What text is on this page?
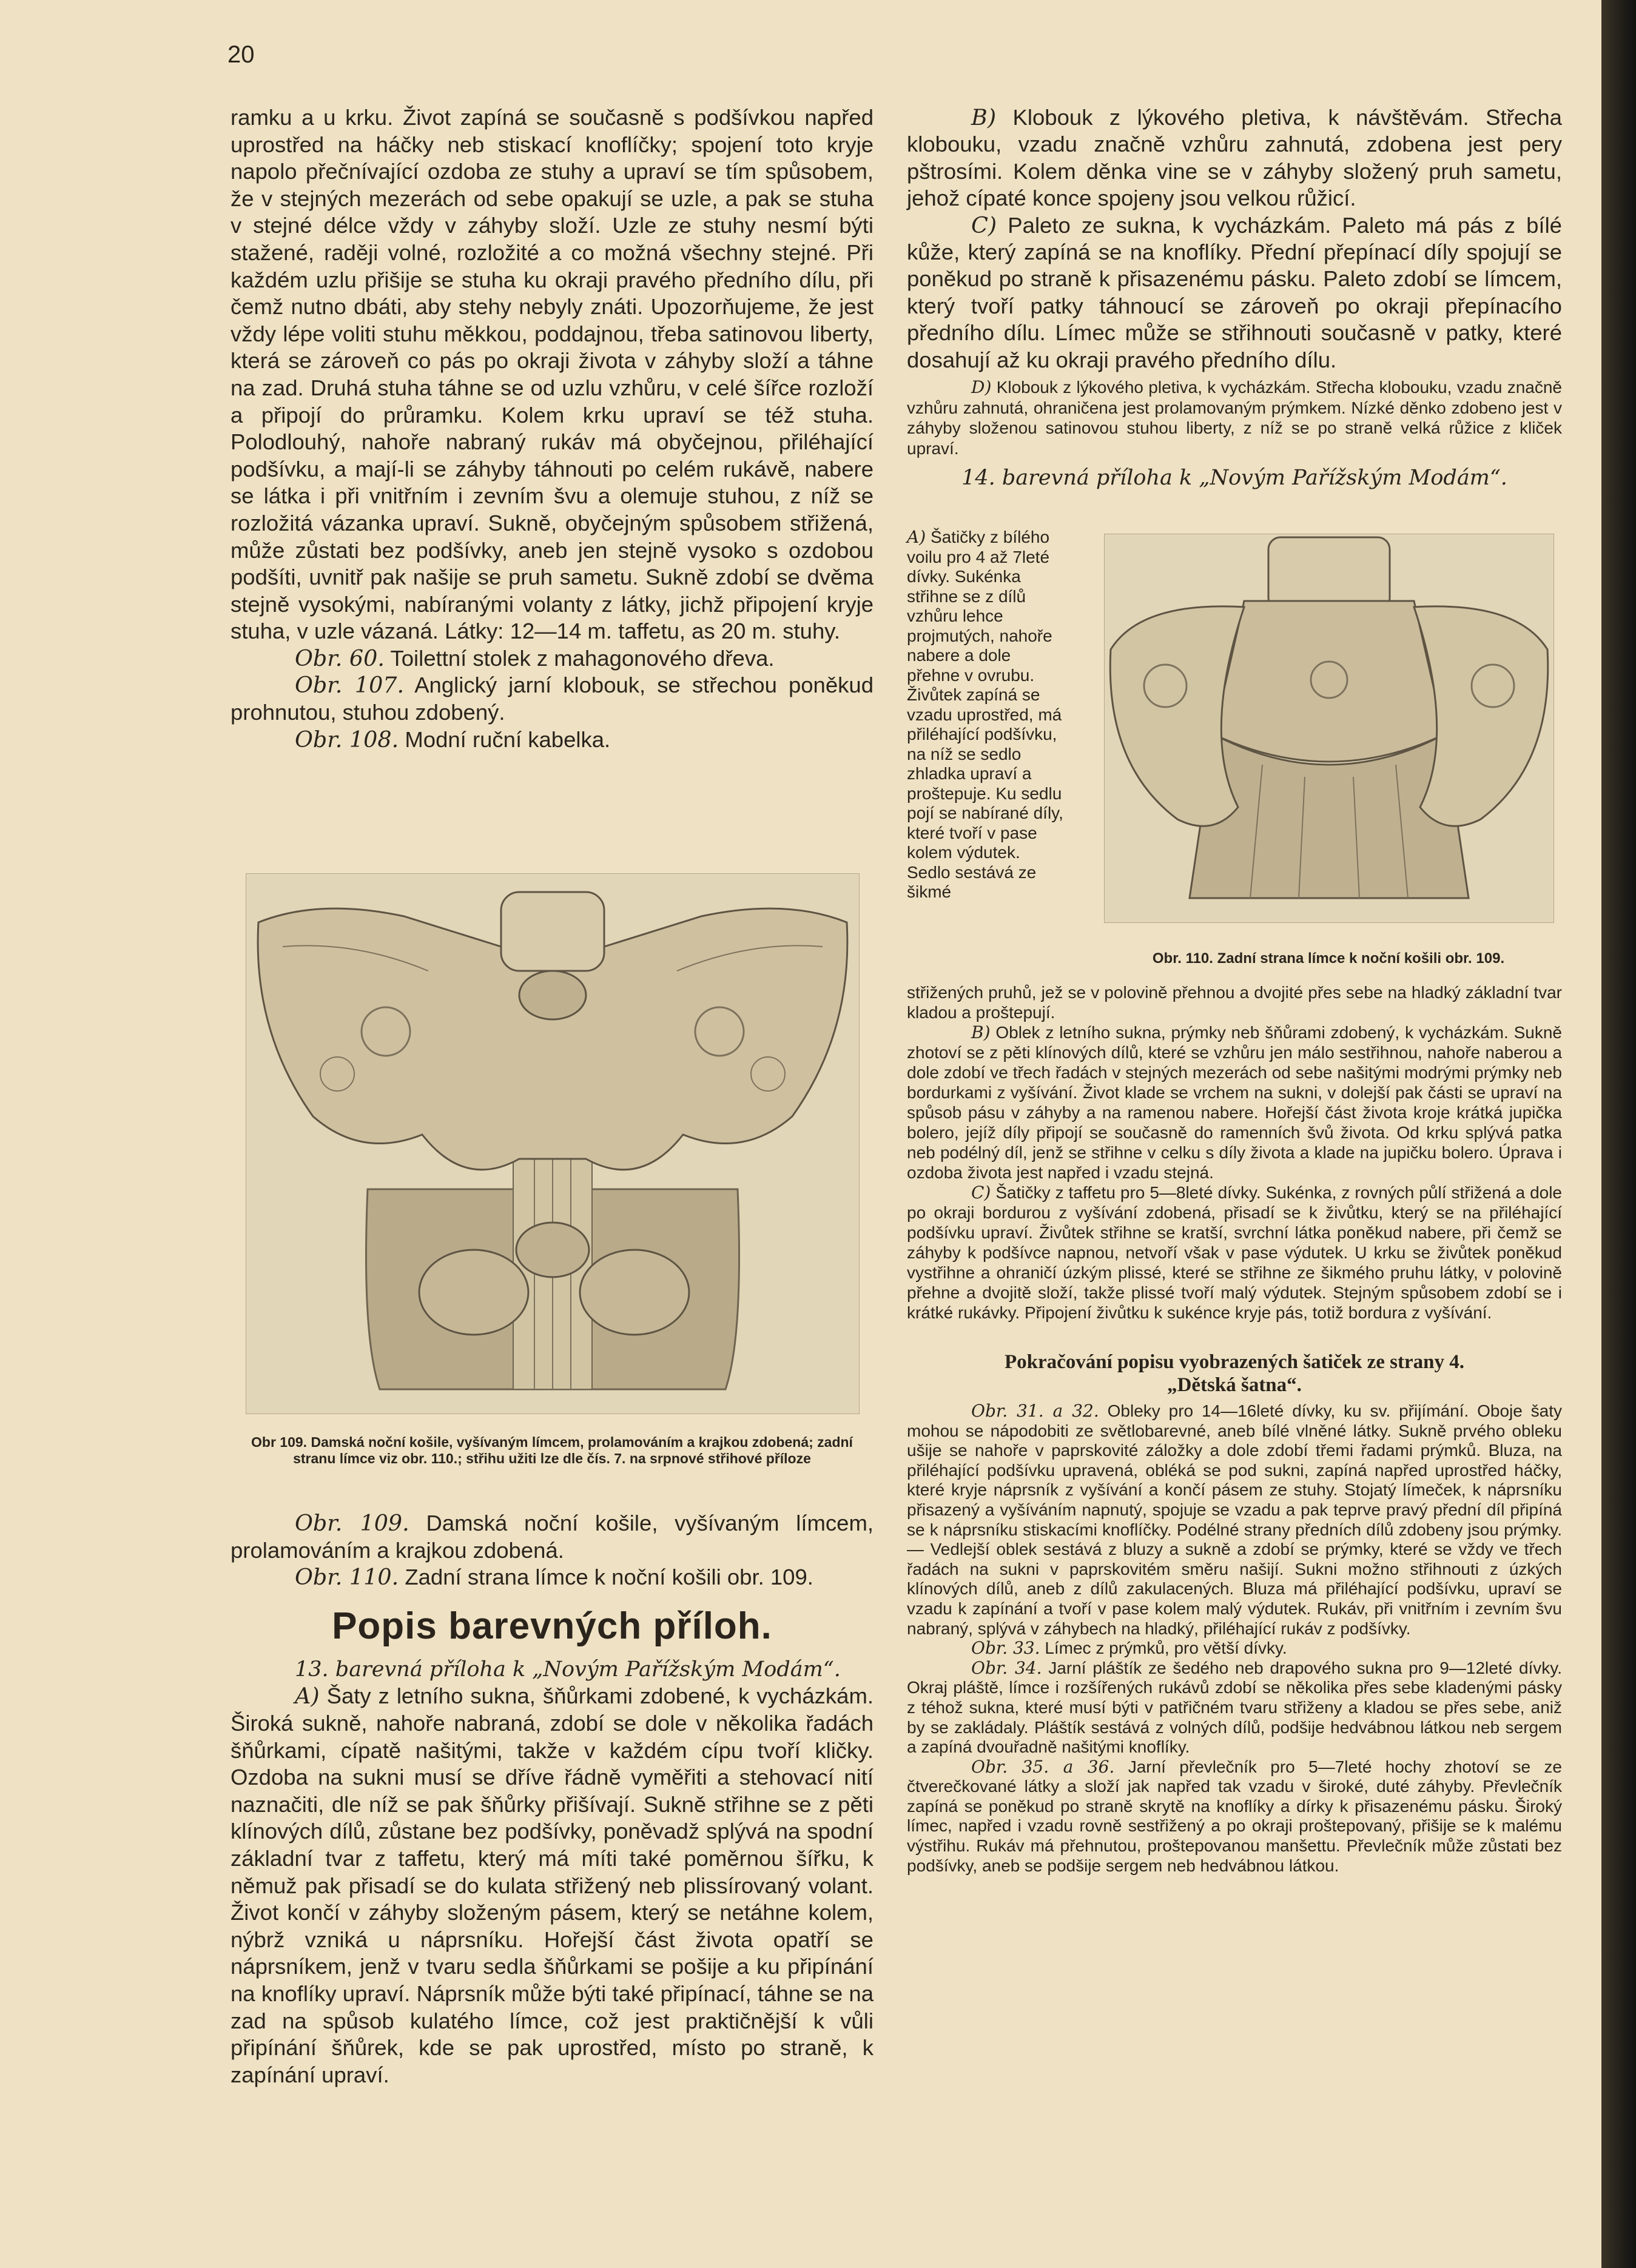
20

ramku a u krku. Život zapíná se současně s podšívkou napřed uprostřed na háčky neb stiskací knoflíčky; spojení toto kryje napolo přečnívající ozdoba ze stuhy a upraví se tím spůsobem, že v stejných mezerách od sebe opakují se uzle, a pak se stuha v stejné délce vždy v záhyby složí. Uzle ze stuhy nesmí býti stažené, raději volné, rozložité a co možná všechny stejné. Při každém uzlu přišije se stuha ku okraji pravého předního dílu, při čemž nutno dbáti, aby stehy nebyly znáti. Upozorňujeme, že jest vždy lépe voliti stuhu měkkou, poddajnou, třeba satinovou liberty, která se zároveň co pás po okraji života v záhyby složí a táhne na zad. Druhá stuha táhne se od uzlu vzhůru, v celé šířce rozloží a připojí do průramku. Kolem krku upraví se též stuha. Polodlouhý, nahoře nabraný rukáv má obyčejnou, přiléhající podšívku, a mají-li se záhyby táhnouti po celém rukávě, nabere se látka i při vnitřním i zevním švu a olemuje stuhou, z níž se rozložitá vázanka upraví. Sukně, obyčejným spůsobem střižená, může zůstati bez podšívky, aneb jen stejně vysoko s ozdobou podšíti, uvnitř pak našije se pruh sametu. Sukně zdobí se dvěma stejně vysokými, nabíranými volanty z látky, jichž připojení kryje stuha, v uzle vázaná. Látky: 12—14 m. taffetu, as 20 m. stuhy.

Obr. 60. Toilettní stolek z mahagonového dřeva.

Obr. 107. Anglický jarní klobouk, se střechou poněkud prohnutou, stuhou zdobený.

Obr. 108. Modní ruční kabelka.

Obr 109. Damská noční košile, vyšívaným límcem, prolamováním a krajkou zdobená; zadní stranu límce viz obr. 110.; střihu užiti lze dle čís. 7. na srpnové střihové příloze

Obr. 109. Damská noční košile, vyšívaným límcem, prolamováním a krajkou zdobená.

Obr. 110. Zadní strana límce k noční košili obr. 109.

Popis barevných příloh.

13. barevná příloha k „Novým Pařížským Modám“.

A) Šaty z letního sukna, šňůrkami zdobené, k vycházkám. Široká sukně, nahoře nabraná, zdobí se dole v několika řadách šňůrkami, cípatě našitými, takže v každém cípu tvoří kličky. Ozdoba na sukni musí se dříve řádně vyměřiti a stehovací nití naznačiti, dle níž se pak šňůrky přišívají. Sukně střihne se z pěti klínových dílů, zůstane bez podšívky, poněvadž splývá na spodní základní tvar z taffetu, který má míti také poměrnou šířku, k němuž pak přisadí se do kulata střižený neb plissírovaný volant. Život končí v záhyby složeným pásem, který se netáhne kolem, nýbrž vzniká u náprsníku. Hořejší část života opatří se náprsníkem, jenž v tvaru sedla šňůrkami se pošije a ku připínání na knoflíky upraví. Náprsník může býti také připínací, táhne se na zad na spůsob kulatého límce, což jest praktičnější k vůli připínání šňůrek, kde se pak uprostřed, místo po straně, k zapínání upraví.

B) Klobouk z lýkového pletiva, k návštěvám. Střecha klobouku, vzadu značně vzhůru zahnutá, zdobena jest pery pštrosími. Kolem děnka vine se v záhyby složený pruh sametu, jehož cípaté konce spojeny jsou velkou růžicí.

C) Paleto ze sukna, k vycházkám. Paleto má pás z bílé kůže, který zapíná se na knoflíky. Přední přepínací díly spojují se poněkud po straně k přisazenému pásku. Paleto zdobí se límcem, který tvoří patky táhnoucí se zároveň po okraji přepínacího předního dílu. Límec může se střihnouti současně v patky, které dosahují až ku okraji pravého předního dílu.

D) Klobouk z lýkového pletiva, k vycházkám. Střecha klobouku, vzadu značně vzhůru zahnutá, ohraničena jest prolamovaným prýmkem. Nízké děnko zdobeno jest v záhyby složenou satinovou stuhou liberty, z níž se po straně velká růžice z kliček upraví.

14. barevná příloha k „Novým Pařížským Modám“.

A) Šatičky z bílého voilu pro 4 až 7leté dívky. Sukénka střihne se z dílů vzhůru lehce projmutých, nahoře nabere a dole přehne v ovrubu. Živůtek zapíná se vzadu uprostřed, má přiléhající podšívku, na níž se sedlo zhladka upraví a proštepuje. Ku sedlu pojí se nabírané díly, které tvoří v pase kolem výdutek. Sedlo sestává ze šikmé

Obr. 110. Zadní strana límce k noční košili obr. 109.

střižených pruhů, jež se v polovině přehnou a dvojité přes sebe na hladký základní tvar kladou a proštepují.

B) Oblek z letního sukna, prýmky neb šňůrami zdobený, k vycházkám. Sukně zhotoví se z pěti klínových dílů, které se vzhůru jen málo sestřihnou, nahoře naberou a dole zdobí ve třech řadách v stejných mezerách od sebe našitými modrými prýmky neb bordurkami z vyšívání. Život klade se vrchem na sukni, v dolejší pak části se upraví na spůsob pásu v záhyby a na ramenou nabere. Hořejší část života kroje krátká jupička bolero, jejíž díly připojí se současně do ramenních švů života. Od krku splývá patka neb podélný díl, jenž se střihne v celku s díly života a klade na jupičku bolero. Úprava i ozdoba života jest napřed i vzadu stejná.

C) Šatičky z taffetu pro 5—8leté dívky. Sukénka, z rovných půlí střižená a dole po okraji bordurou z vyšívání zdobená, přisadí se k živůtku, který se na přiléhající podšívku upraví. Živůtek střihne se kratší, svrchní látka poněkud nabere, při čemž se záhyby k podšívce napnou, netvoří však v pase výdutek. U krku se živůtek poněkud vystřihne a ohraničí úzkým plissé, které se střihne ze šikmého pruhu látky, v polovině přehne a dvojitě složí, takže plissé tvoří malý výdutek. Stejným spůsobem zdobí se i krátké rukávky. Připojení živůtku k sukénce kryje pás, totiž bordura z vyšívání.

Pokračování popisu vyobrazených šatiček ze strany 4.
„Dětská šatna“.

Obr. 31. a 32. Obleky pro 14—16leté dívky, ku sv. přijímání. Oboje šaty mohou se nápodobiti ze světlobarevné, aneb bílé vlněné látky. Sukně prvého obleku ušije se nahoře v paprskovité záložky a dole zdobí třemi řadami prýmků. Bluza, na přiléhající podšívku upravená, obléká se pod sukni, zapíná napřed uprostřed háčky, které kryje náprsník z vyšívání a končí pásem ze stuhy. Stojatý límeček, k náprsníku přisazený a vyšíváním napnutý, spojuje se vzadu a pak teprve pravý přední díl připíná se k náprsníku stiskacími knoflíčky. Podélné strany předních dílů zdobeny jsou prýmky. — Vedlejší oblek sestává z bluzy a sukně a zdobí se prýmky, které se vždy ve třech řadách na sukni v paprskovitém směru našijí. Sukni možno střihnouti z úzkých klínových dílů, aneb z dílů zakulacených. Bluza má přiléhající podšívku, upraví se vzadu k zapínání a tvoří v pase kolem malý výdutek. Rukáv, při vnitřním i zevním švu nabraný, splývá v záhybech na hladký, přiléhající rukáv z podšívky.

Obr. 33. Límec z prýmků, pro větší dívky.

Obr. 34. Jarní pláštík ze šedého neb drapového sukna pro 9—12leté dívky. Okraj pláště, límce i rozšířených rukávů zdobí se několika přes sebe kladenými pásky z téhož sukna, které musí býti v patřičném tvaru střiženy a kladou se přes sebe, aniž by se zakládaly. Pláštík sestává z volných dílů, podšije hedvábnou látkou neb sergem a zapíná dvouřadně našitými knoflíky.

Obr. 35. a 36. Jarní převlečník pro 5—7leté hochy zhotoví se ze čtverečkované látky a složí jak napřed tak vzadu v široké, duté záhyby. Převlečník zapíná se poněkud po straně skrytě na knoflíky a dírky k přisazenému pásku. Široký límec, napřed i vzadu rovně sestřižený a po okraji proštepovaný, přišije se k malému výstřihu. Rukáv má přehnutou, proštepovanou manšettu. Převlečník může zůstati bez podšívky, aneb se podšije sergem neb hedvábnou látkou.
